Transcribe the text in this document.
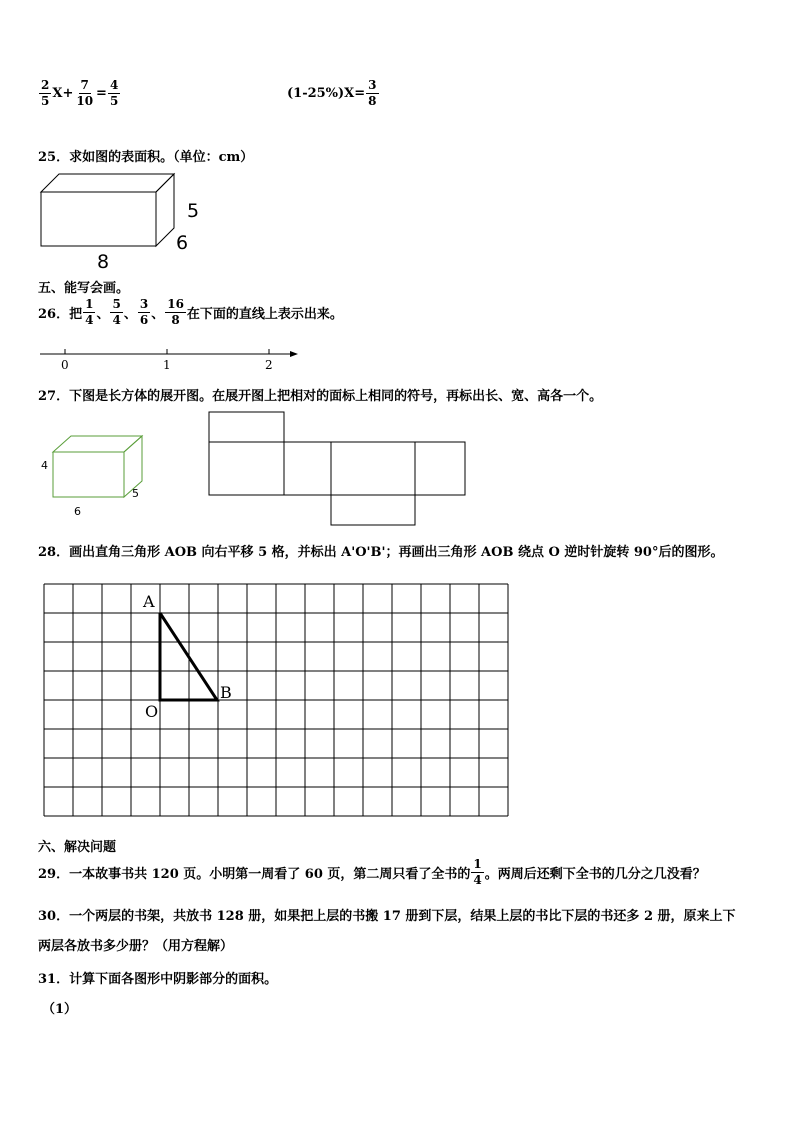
$\frac{2}{5} X+ \frac{7}{10} = \frac{4}{5}$	$(1-25\%)X= \frac{3}{8}$
25．求如图的表面积。（单位：cm）
5
6
8
五、能写会画。
26．把 $\frac{1}{4}$ 、 $\frac{5}{4}$ 、 $\frac{3}{6}$ 、 $\frac{16}{8}$ 在下面的直线上表示出来。
0	1	2
27．下图是长方体的展开图。在展开图上把相对的面标上相同的符号，再标出长、宽、高各一个。
4
5
6
28．画出直角三角形 AOB 向右平移 5 格，并标出 A'O'B'；再画出三角形 AOB 绕点 O 逆时针旋转 90°后的图形。
A
O
B
六、解决问题
29．一本故事书共 120 页。小明第一周看了 60 页，第二周只看了全书的 $\frac{1}{4}$ 。两周后还剩下全书的几分之几没看？
30．一个两层的书架，共放书 128 册，如果把上层的书搬 17 册到下层，结果上层的书比下层的书还多 2 册，原来上下
两层各放书多少册？（用方程解）
31．计算下面各图形中阴影部分的面积。
（1）
